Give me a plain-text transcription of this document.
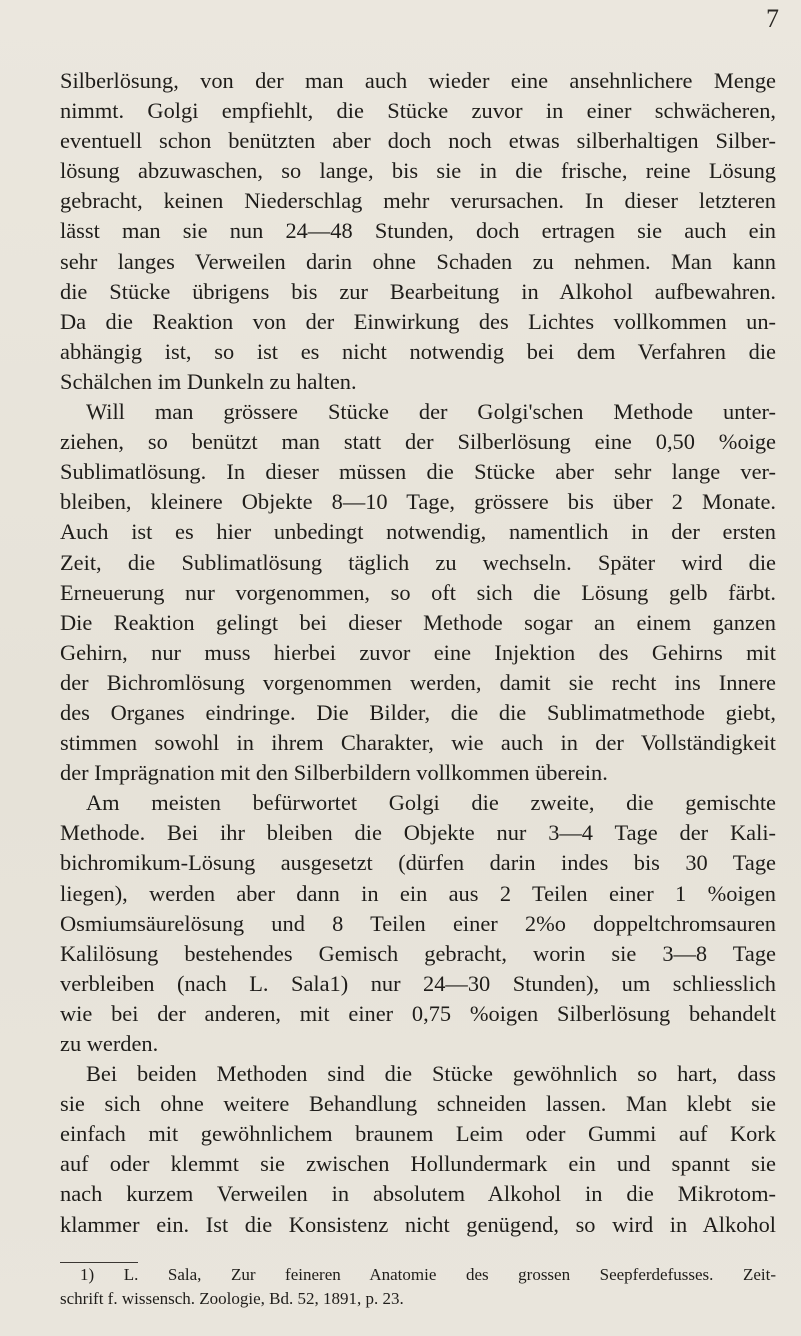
7
Silberlösung, von der man auch wieder eine ansehnlichere Menge
nimmt. Golgi empfiehlt, die Stücke zuvor in einer schwächeren,
eventuell schon benützten aber doch noch etwas silberhaltigen Silber-
lösung abzuwaschen, so lange, bis sie in die frische, reine Lösung
gebracht, keinen Niederschlag mehr verursachen. In dieser letzteren
lässt man sie nun 24—48 Stunden, doch ertragen sie auch ein
sehr langes Verweilen darin ohne Schaden zu nehmen. Man kann
die Stücke übrigens bis zur Bearbeitung in Alkohol aufbewahren.
Da die Reaktion von der Einwirkung des Lichtes vollkommen un-
abhängig ist, so ist es nicht notwendig bei dem Verfahren die
Schälchen im Dunkeln zu halten.
Will man grössere Stücke der Golgi'schen Methode unter-
ziehen, so benützt man statt der Silberlösung eine 0,50 %oige
Sublimatlösung. In dieser müssen die Stücke aber sehr lange ver-
bleiben, kleinere Objekte 8—10 Tage, grössere bis über 2 Monate.
Auch ist es hier unbedingt notwendig, namentlich in der ersten
Zeit, die Sublimatlösung täglich zu wechseln. Später wird die
Erneuerung nur vorgenommen, so oft sich die Lösung gelb färbt.
Die Reaktion gelingt bei dieser Methode sogar an einem ganzen
Gehirn, nur muss hierbei zuvor eine Injektion des Gehirns mit
der Bichromlösung vorgenommen werden, damit sie recht ins Innere
des Organes eindringe. Die Bilder, die die Sublimatmethode giebt,
stimmen sowohl in ihrem Charakter, wie auch in der Vollständigkeit
der Imprägnation mit den Silberbildern vollkommen überein.
Am meisten befürwortet Golgi die zweite, die gemischte
Methode. Bei ihr bleiben die Objekte nur 3—4 Tage der Kali-
bichromikum-Lösung ausgesetzt (dürfen darin indes bis 30 Tage
liegen), werden aber dann in ein aus 2 Teilen einer 1 %oigen
Osmiumsäurelösung und 8 Teilen einer 2%o doppeltchromsauren
Kalilösung bestehendes Gemisch gebracht, worin sie 3—8 Tage
verbleiben (nach L. Sala1) nur 24—30 Stunden), um schliesslich
wie bei der anderen, mit einer 0,75 %oigen Silberlösung behandelt
zu werden.
Bei beiden Methoden sind die Stücke gewöhnlich so hart, dass
sie sich ohne weitere Behandlung schneiden lassen. Man klebt sie
einfach mit gewöhnlichem braunem Leim oder Gummi auf Kork
auf oder klemmt sie zwischen Hollundermark ein und spannt sie
nach kurzem Verweilen in absolutem Alkohol in die Mikrotom-
klammer ein. Ist die Konsistenz nicht genügend, so wird in Alkohol
1) L. Sala, Zur feineren Anatomie des grossen Seepferdefusses. Zeit-
schrift f. wissensch. Zoologie, Bd. 52, 1891, p. 23.
